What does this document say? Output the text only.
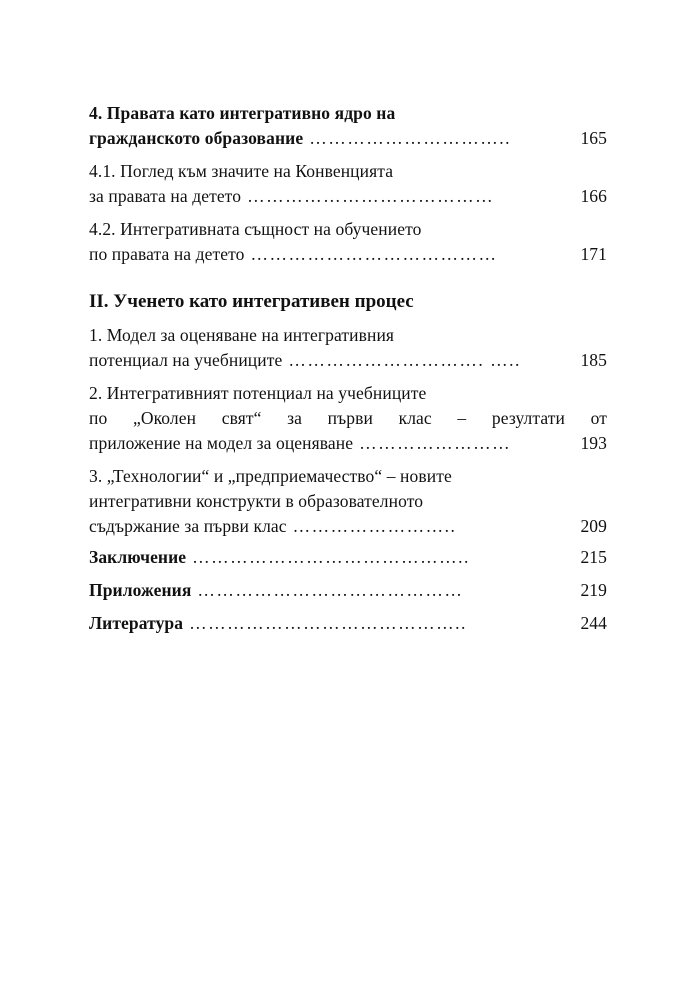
4. Правата като интегративно ядро на
гражданското образование …………………………..	165
4.1. Поглед към значите на Конвенцията
за правата на детето …………………………………	166
4.2. Интегративната същност на обучението
по правата на детето …………………………………	171
II. Ученето като интегративен процес
1. Модел за оценяване на интегративния
потенциал на учебниците …………………………. …..	185
2. Интегративният потенциал на учебниците
по „Околен свят“ за първи клас – резултати от
приложение на модел за оценяване ……………………	193
3. „Технологии“ и „предприемачество“ – новите
интегративни конструкти в образователното
съдържание за първи клас ……………………..	209
Заключение ……………………………………..	215
Приложения ……………………………………	219
Литература ……………………………………..	244
